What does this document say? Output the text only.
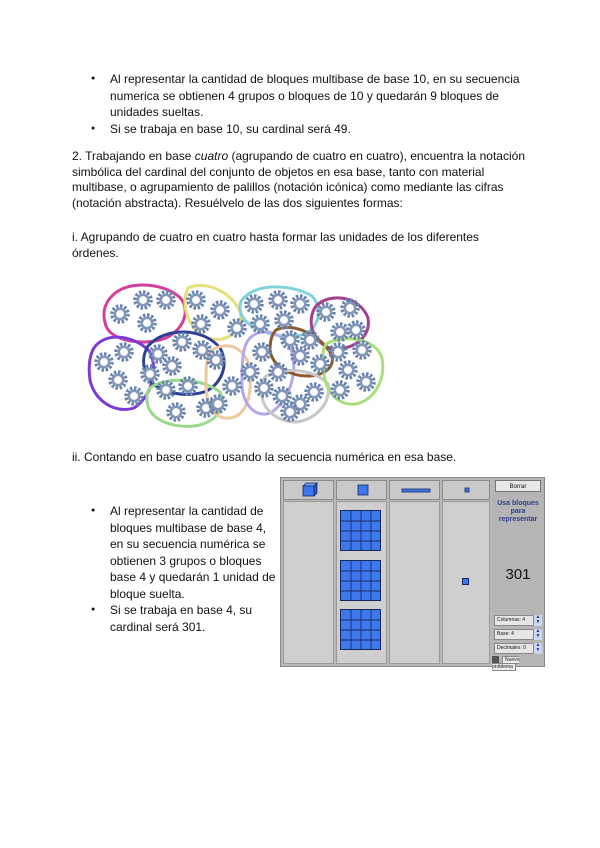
● Al representar la cantidad de bloques multibase de base 10, en su secuencia numerica se obtienen 4 grupos o bloques de 10 y quedarán 9 bloques de unidades sueltas.
● Si se trabaja en base 10, su cardinal será 49.
2. Trabajando en base cuatro (agrupando de cuatro en cuatro), encuentra la notación simbólica del cardinal del conjunto de objetos en esa base, tanto con material multibase, o agrupamiento de palillos (notación icónica) como mediante las cifras (notación abstracta). Resuélvelo de las dos siguientes formas:
i. Agrupando de cuatro en cuatro hasta formar las unidades de los diferentes órdenes.
ii. Contando en base cuatro usando la secuencia numérica en esa base.
● Al representar la cantidad de bloques multibase de base 4, en su secuencia numérica se obtienen 3 grupos o bloques base 4 y quedarán 1 unidad de bloque suelta.
● Si se trabaja en base 4, su cardinal será 301.
Borrar
Usa bloques para representar
301
Columnas: 4	▲
▼
Base: 4	▲
▼
Decimales: 0	▲
▼
Nuevo problema
